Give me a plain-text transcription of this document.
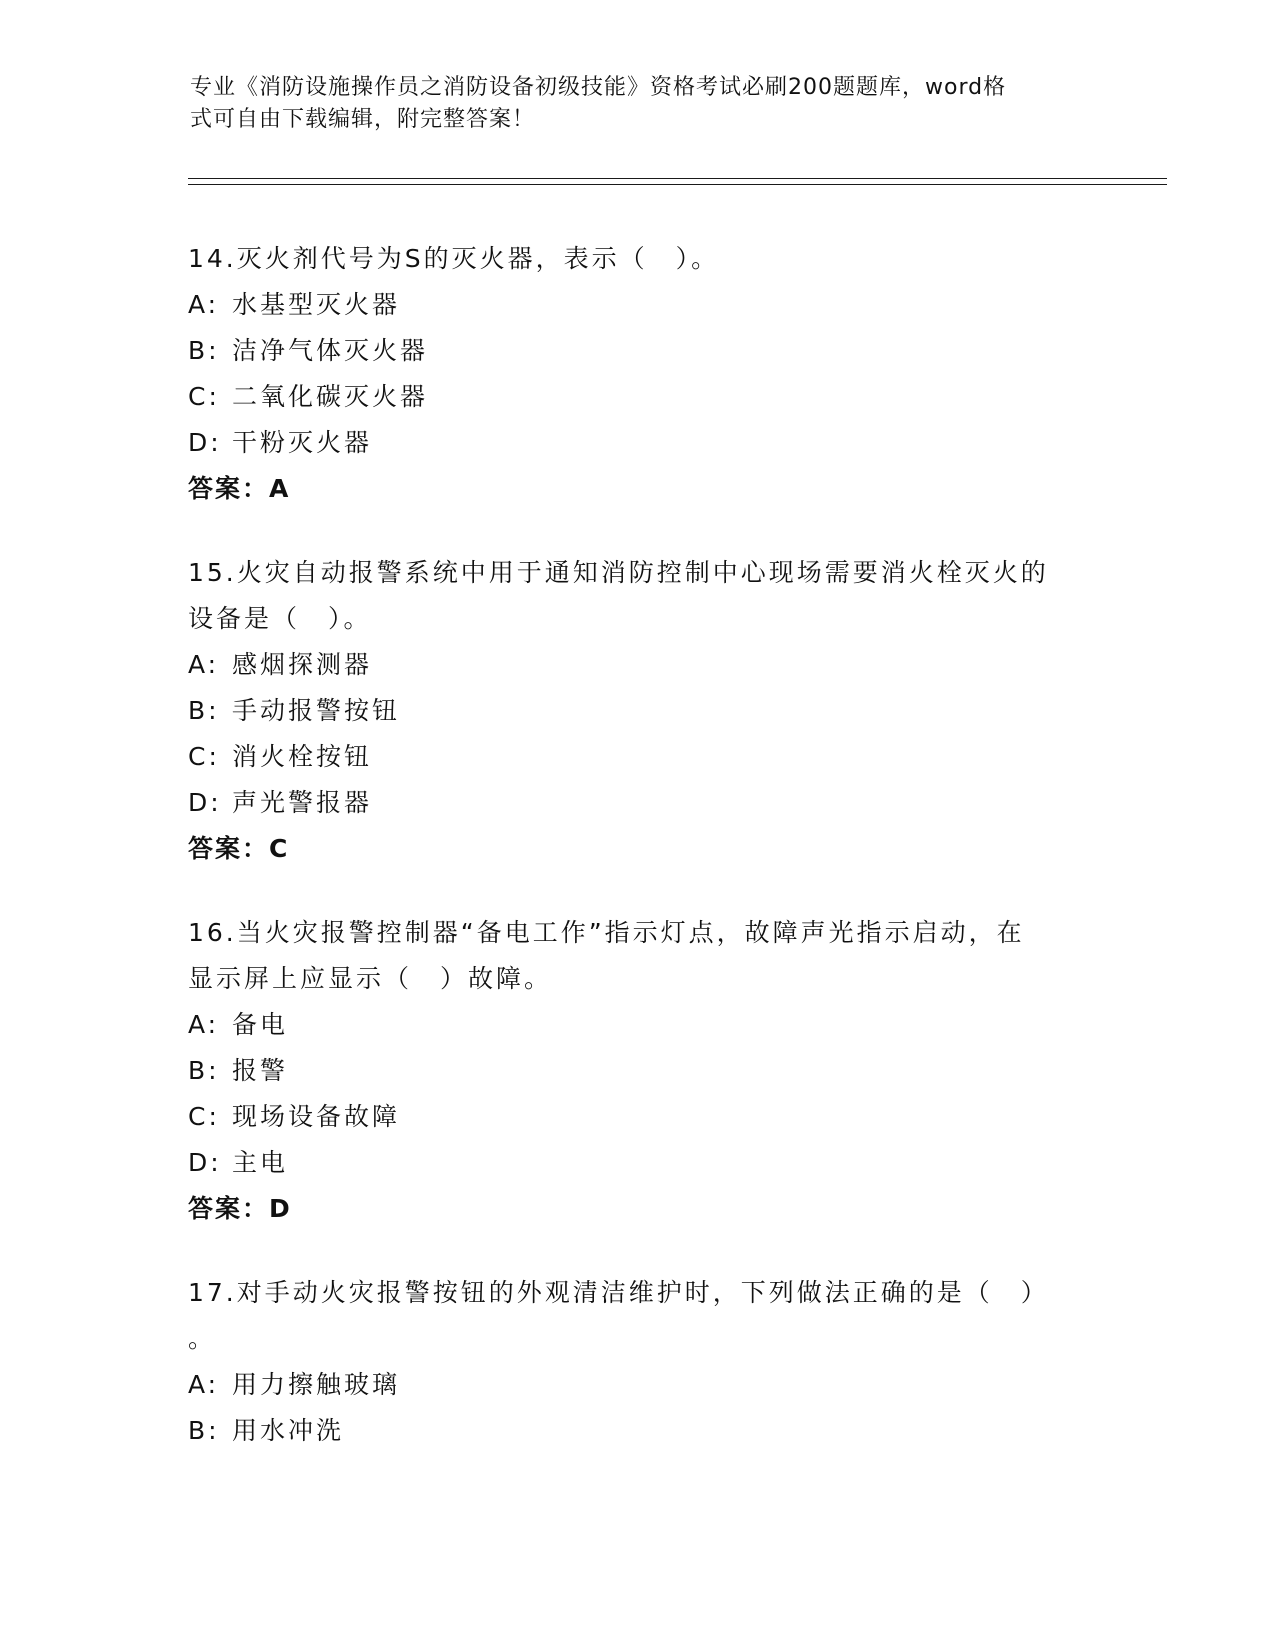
专业《消防设施操作员之消防设备初级技能》资格考试必刷200题题库，word格
式可自由下载编辑，附完整答案！
14.灭火剂代号为S的灭火器，表示（　）。
A: 水基型灭火器
B: 洁净气体灭火器
C: 二氧化碳灭火器
D: 干粉灭火器
答案：A
15.火灾自动报警系统中用于通知消防控制中心现场需要消火栓灭火的
设备是（　）。
A: 感烟探测器
B: 手动报警按钮
C: 消火栓按钮
D: 声光警报器
答案：C
16.当火灾报警控制器“备电工作”指示灯点，故障声光指示启动，在
显示屏上应显示（　）故障。
A: 备电
B: 报警
C: 现场设备故障
D: 主电
答案：D
17.对手动火灾报警按钮的外观清洁维护时，下列做法正确的是（　）
。
A: 用力擦触玻璃
B: 用水冲洗
